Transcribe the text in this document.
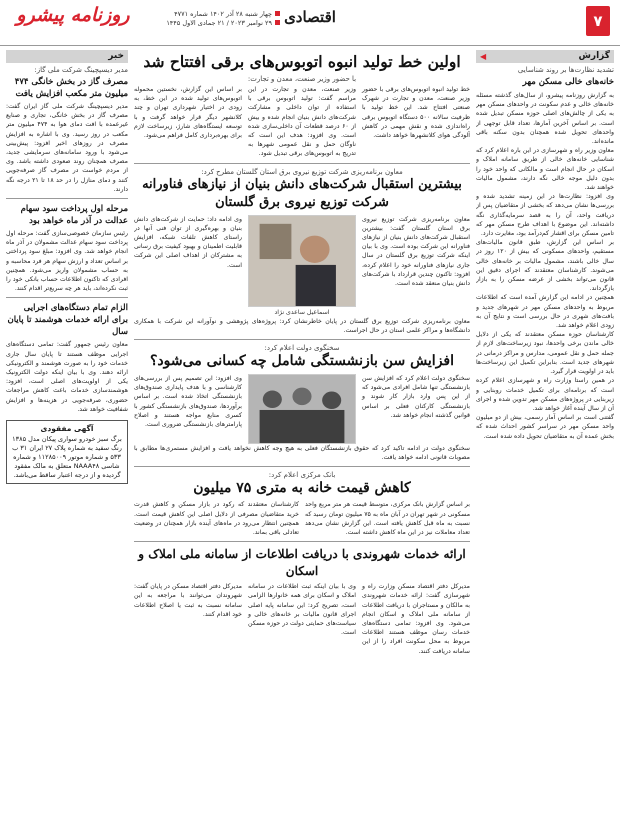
۷
اقتصادی
چهار شنبه ۲۸ آذر ۱۴۰۲ شماره ۴۷۷۱
۲۹ نوامبر ۲۰۲۳ / ۲۱ جمادی الاول ۱۴۴۵
روزنامه پیشرو
گزارش
◀
تشدید نظارت‌ها بر روند شناسایی
خانه‌های خالی مسکن مهر

به گزارش روزنامه پیشرو، از سال‌های گذشته مسئله خانه‌های خالی و عدم سکونت در واحدهای مسکن مهر به یکی از چالش‌های اصلی حوزه مسکن تبدیل شده است. بر اساس آخرین آمارها، تعداد قابل توجهی از واحدهای تحویل شده همچنان بدون سکنه باقی مانده‌اند.

معاون وزیر راه و شهرسازی در این باره اعلام کرد که شناسایی خانه‌های خالی از طریق سامانه املاک و اسکان در حال انجام است و مالکانی که واحد خود را بدون دلیل موجه خالی نگه دارند، مشمول مالیات خواهند شد.

وی افزود: نظارت‌ها در این زمینه تشدید شده و بررسی‌ها نشان می‌دهد که بخشی از متقاضیان پس از دریافت واحد، آن را به قصد سرمایه‌گذاری نگه داشته‌اند. این موضوع با اهداف طرح مسکن مهر که تامین مسکن برای اقشار کم‌درآمد بود، مغایرت دارد.

بر اساس این گزارش، طبق قانون مالیات‌های مستقیم، واحدهای مسکونی که بیش از ۱۲۰ روز در سال خالی باشند، مشمول مالیات بر خانه‌های خالی می‌شوند. کارشناسان معتقدند که اجرای دقیق این قانون می‌تواند بخشی از عرضه مسکن را به بازار بازگرداند.

همچنین در ادامه این گزارش آمده است که اطلاعات مربوط به واحدهای مسکن مهر در شهرهای جدید و بافت‌های شهری در حال بررسی است و نتایج آن به زودی اعلام خواهد شد.

کارشناسان حوزه مسکن معتقدند که یکی از دلایل خالی ماندن برخی واحدها، نبود زیرساخت‌های لازم از جمله حمل و نقل عمومی، مدارس و مراکز درمانی در شهرهای جدید است. بنابراین تکمیل این زیرساخت‌ها باید در اولویت قرار گیرد.

در همین راستا وزارت راه و شهرسازی اعلام کرده است که برنامه‌ای برای تکمیل خدمات روبنایی و زیربنایی در پروژه‌های مسکن مهر تدوین شده و اجرای آن از سال آینده آغاز خواهد شد.

گفتنی است بر اساس آمار رسمی، بیش از دو میلیون واحد مسکن مهر در سراسر کشور احداث شده که بخش عمده آن به متقاضیان تحویل داده شده است.

خبر
مدیر دیسپچینگ شرکت ملی گاز:
مصرف گاز در بخش خانگی ۴۷۴ میلیون متر مکعب افزایش یافت
مدیر دیسپچینگ شرکت ملی گاز ایران گفت: مصرف گاز در بخش خانگی، تجاری و صنایع غیرعمده با افت دمای هوا به ۴۷۴ میلیون متر مکعب در روز رسید. وی با اشاره به افزایش مصرف در روزهای اخیر افزود: پیش‌بینی می‌شود با ورود سامانه‌های سرمایشی جدید، مصرف همچنان روند صعودی داشته باشد. وی از مردم خواست در مصرف گاز صرفه‌جویی کنند و دمای منازل را در حد ۱۸ تا ۲۱ درجه نگه دارند.
مرحله اول پرداخت سود سهام عدالت در آذر ماه خواهد بود
رئیس سازمان خصوصی‌سازی گفت: مرحله اول پرداخت سود سهام عدالت مشمولان در آذر ماه انجام خواهد شد. وی افزود: مبلغ سود پرداختی بر اساس تعداد و ارزش سهام هر فرد محاسبه و به حساب مشمولان واریز می‌شود. همچنین افرادی که تاکنون اطلاعات حساب بانکی خود را ثبت نکرده‌اند، باید هر چه سریع‌تر اقدام کنند.
الزام تمام دستگاه‌های اجرایی برای ارائه خدمات هوشمند تا پایان سال
معاون رئیس جمهور گفت: تمامی دستگاه‌های اجرایی موظف هستند تا پایان سال جاری خدمات خود را به صورت هوشمند و الکترونیکی ارائه دهند. وی با بیان اینکه دولت الکترونیک یکی از اولویت‌های اصلی است، افزود: هوشمندسازی خدمات باعث کاهش مراجعات حضوری، صرفه‌جویی در هزینه‌ها و افزایش شفافیت خواهد شد.
آگهی مفقودی
برگ سبز خودرو سواری پیکان مدل ۱۳۸۵ رنگ سفید به شماره پلاک ۲۷ ایران ۳۱ ب ۵۳۳ و شماره موتور ۱۱۲۸۵۰۰۹ و شماره شاسی NAAA۴۸ متعلق به مالک مفقود گردیده و از درجه اعتبار ساقط می‌باشد.
اولین خط تولید انبوه اتوبوس‌های برقی افتتاح شد
با حضور وزیر صنعت، معدن و تجارت:
خط تولید انبوه اتوبوس‌های برقی با حضور وزیر صنعت، معدن و تجارت در شهرک صنعتی افتتاح شد. این خط تولید با ظرفیت سالانه ۵۰۰ دستگاه اتوبوس برقی راه‌اندازی شده و نقش مهمی در کاهش آلودگی هوای کلانشهرها خواهد داشت.
وزیر صنعت، معدن و تجارت در این مراسم گفت: تولید اتوبوس برقی با استفاده از توان داخلی و مشارکت شرکت‌های دانش بنیان انجام شده و بیش از ۶۰ درصد قطعات آن داخلی‌سازی شده است. وی افزود: هدف این است که ناوگان حمل و نقل عمومی شهرها به تدریج به اتوبوس‌های برقی تبدیل شود.
بر اساس این گزارش، نخستین محموله اتوبوس‌های تولید شده در این خط، به زودی در اختیار شهرداری تهران و چند کلانشهر دیگر قرار خواهد گرفت و با توسعه ایستگاه‌های شارژ، زیرساخت لازم برای بهره‌برداری کامل فراهم می‌شود.
معاون برنامه‌ریزی شرکت توزیع نیروی برق استان گلستان مطرح کرد:
بیشترین استقبال شرکت‌های دانش بنیان از نیازهای فناورانه شرکت توزیع نیروی برق گلستان
معاون برنامه‌ریزی شرکت توزیع نیروی برق استان گلستان گفت: بیشترین استقبال شرکت‌های دانش بنیان از نیازهای فناورانه این شرکت بوده است. وی با بیان اینکه شرکت توزیع برق گلستان در سال جاری نیازهای فناورانه خود را اعلام کرده، افزود: تاکنون چندین قرارداد با شرکت‌های دانش بنیان منعقد شده است.
اسماعیل ساعدی نژاد
وی ادامه داد: حمایت از شرکت‌های دانش بنیان و بهره‌گیری از توان فنی آنها در راستای کاهش تلفات شبکه، افزایش قابلیت اطمینان و بهبود کیفیت برق رسانی به مشترکان از اهداف اصلی این شرکت است.
معاون برنامه‌ریزی شرکت توزیع برق گلستان در پایان خاطرنشان کرد: پروژه‌های پژوهشی و نوآورانه این شرکت با همکاری دانشگاه‌ها و مراکز علمی استان در حال اجراست.
سخنگوی دولت اعلام کرد:
افزایش سن بازنشستگی شامل چه کسانی می‌شود؟
سخنگوی دولت اعلام کرد که افزایش سن بازنشستگی تنها شامل افرادی می‌شود که از این پس وارد بازار کار شوند و بازنشستگی کارکنان فعلی بر اساس قوانین گذشته انجام خواهد شد.
وی افزود: این تصمیم پس از بررسی‌های کارشناسی و با هدف پایداری صندوق‌های بازنشستگی اتخاذ شده است. بر اساس برآوردها، صندوق‌های بازنشستگی کشور با کسری منابع مواجه هستند و اصلاح پارامترهای بازنشستگی ضروری است.
سخنگوی دولت در ادامه تاکید کرد که حقوق بازنشستگان فعلی به هیچ وجه کاهش نخواهد یافت و افزایش مستمری‌ها مطابق با مصوبات قانونی ادامه خواهد یافت.
بانک مرکزی اعلام کرد:
کاهش قیمت خانه به متری ۷۵ میلیون
بر اساس گزارش بانک مرکزی، متوسط قیمت هر متر مربع واحد مسکونی در شهر تهران در آبان ماه به ۷۵ میلیون تومان رسید که نسبت به ماه قبل کاهش یافته است. این گزارش نشان می‌دهد تعداد معاملات نیز در این ماه کاهش داشته است.
کارشناسان معتقدند که رکود در بازار مسکن و کاهش قدرت خرید متقاضیان مصرفی از دلایل اصلی این کاهش قیمت است. همچنین انتظار می‌رود در ماه‌های آینده بازار همچنان در وضعیت تعادلی باقی بماند.
ارائه خدمات شهروندی با دریافت اطلاعات از سامانه ملی املاک و اسکان
مدیرکل دفتر اقتصاد مسکن وزارت راه و شهرسازی گفت: ارائه خدمات شهروندی به مالکان و مستاجران با دریافت اطلاعات از سامانه ملی املاک و اسکان انجام می‌شود. وی افزود: تمامی دستگاه‌های خدمات رسان موظف هستند اطلاعات مربوط به محل سکونت افراد را از این سامانه دریافت کنند.
وی با بیان اینکه ثبت اطلاعات در سامانه املاک و اسکان برای همه خانوارها الزامی است، تصریح کرد: این سامانه پایه اصلی اجرای قانون مالیات بر خانه‌های خالی و سیاست‌های حمایتی دولت در حوزه مسکن است.
مدیرکل دفتر اقتصاد مسکن در پایان گفت: شهروندان می‌توانند با مراجعه به این سامانه نسبت به ثبت یا اصلاح اطلاعات خود اقدام کنند.
